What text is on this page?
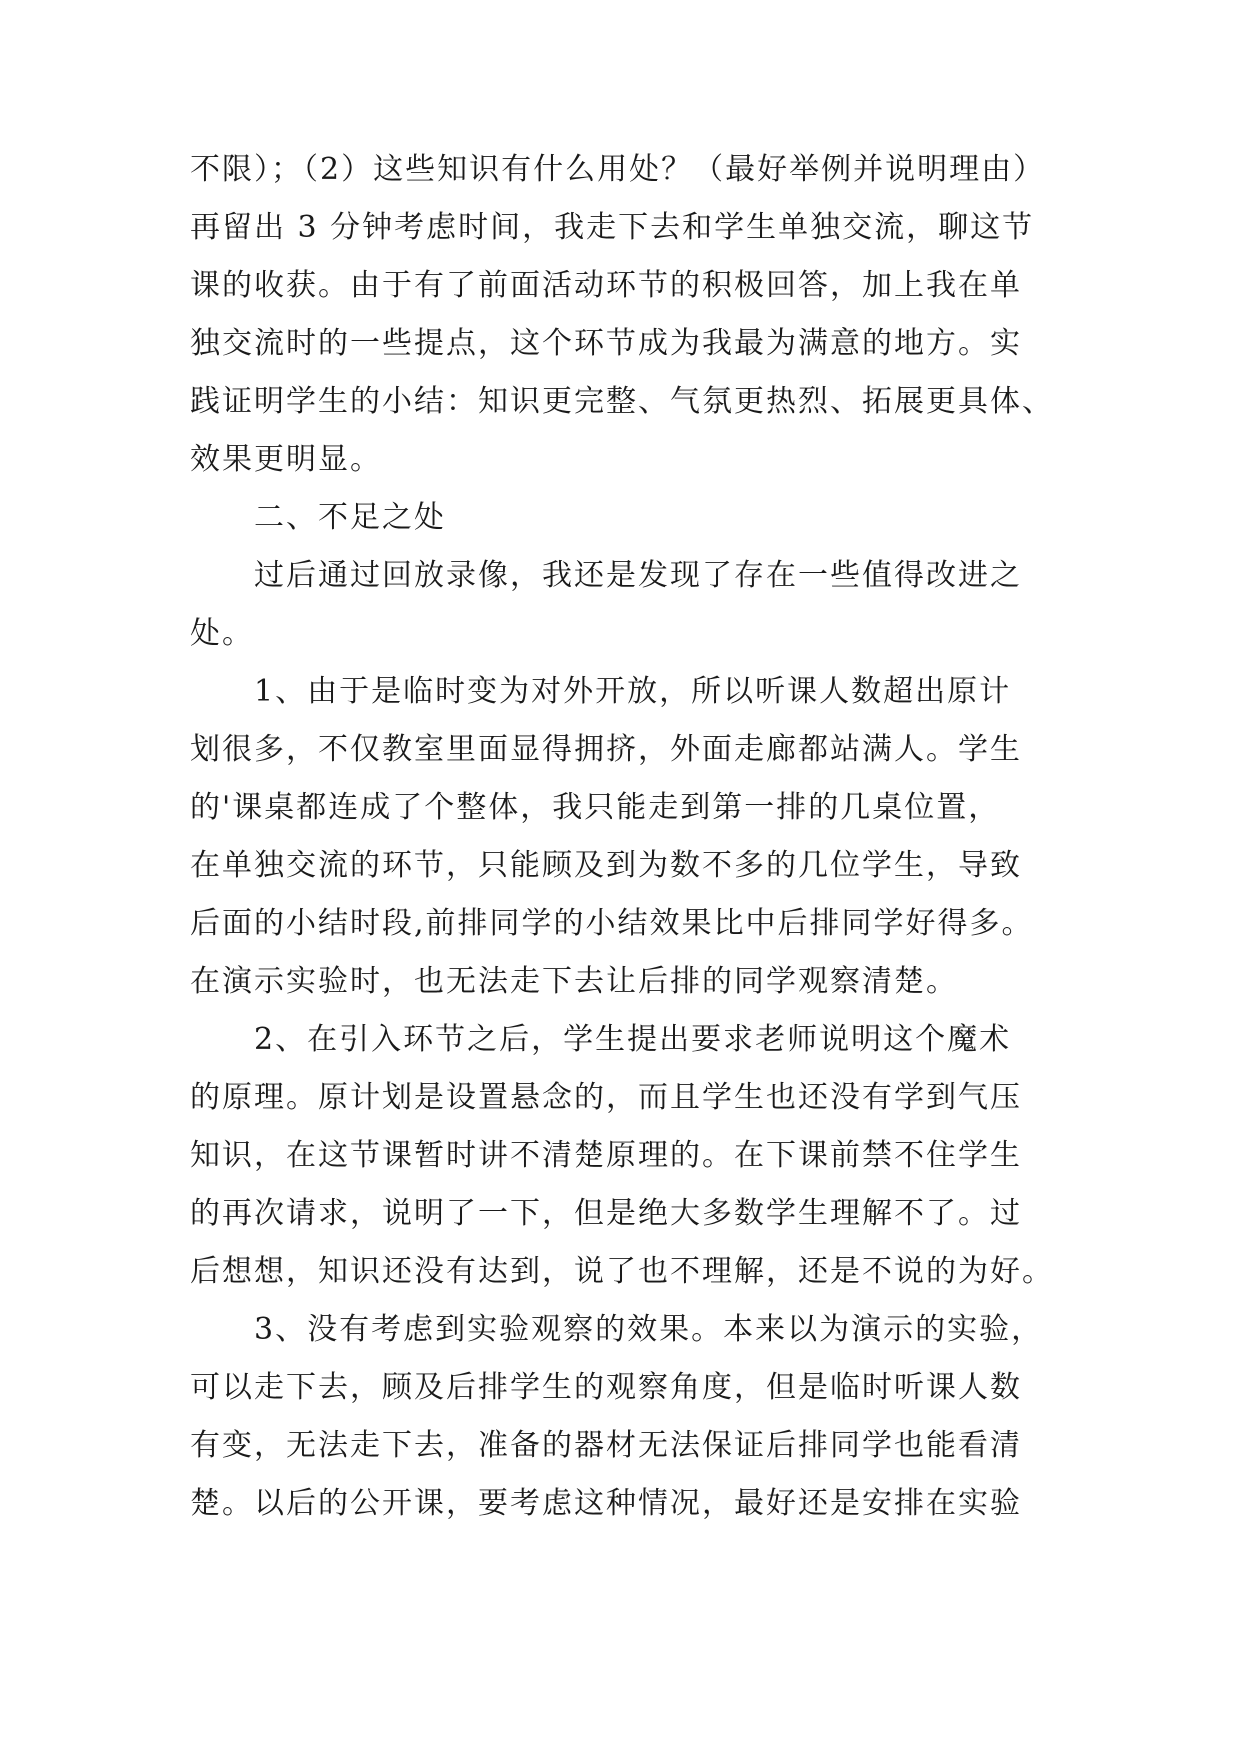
不限）；（2）这些知识有什么用处？（最好举例并说明理由）
再留出 3 分钟考虑时间，我走下去和学生单独交流，聊这节
课的收获。由于有了前面活动环节的积极回答，加上我在单
独交流时的一些提点，这个环节成为我最为满意的地方。实
践证明学生的小结：知识更完整、气氛更热烈、拓展更具体、
效果更明显。
二、不足之处
过后通过回放录像，我还是发现了存在一些值得改进之
处。
1、由于是临时变为对外开放，所以听课人数超出原计
划很多，不仅教室里面显得拥挤，外面走廊都站满人。学生
的'课桌都连成了个整体，我只能走到第一排的几桌位置，
在单独交流的环节，只能顾及到为数不多的几位学生，导致
后面的小结时段,前排同学的小结效果比中后排同学好得多。
在演示实验时，也无法走下去让后排的同学观察清楚。
2、在引入环节之后，学生提出要求老师说明这个魔术
的原理。原计划是设置悬念的，而且学生也还没有学到气压
知识，在这节课暂时讲不清楚原理的。在下课前禁不住学生
的再次请求，说明了一下，但是绝大多数学生理解不了。过
后想想，知识还没有达到，说了也不理解，还是不说的为好。
3、没有考虑到实验观察的效果。本来以为演示的实验，
可以走下去，顾及后排学生的观察角度，但是临时听课人数
有变，无法走下去，准备的器材无法保证后排同学也能看清
楚。以后的公开课，要考虑这种情况，最好还是安排在实验
